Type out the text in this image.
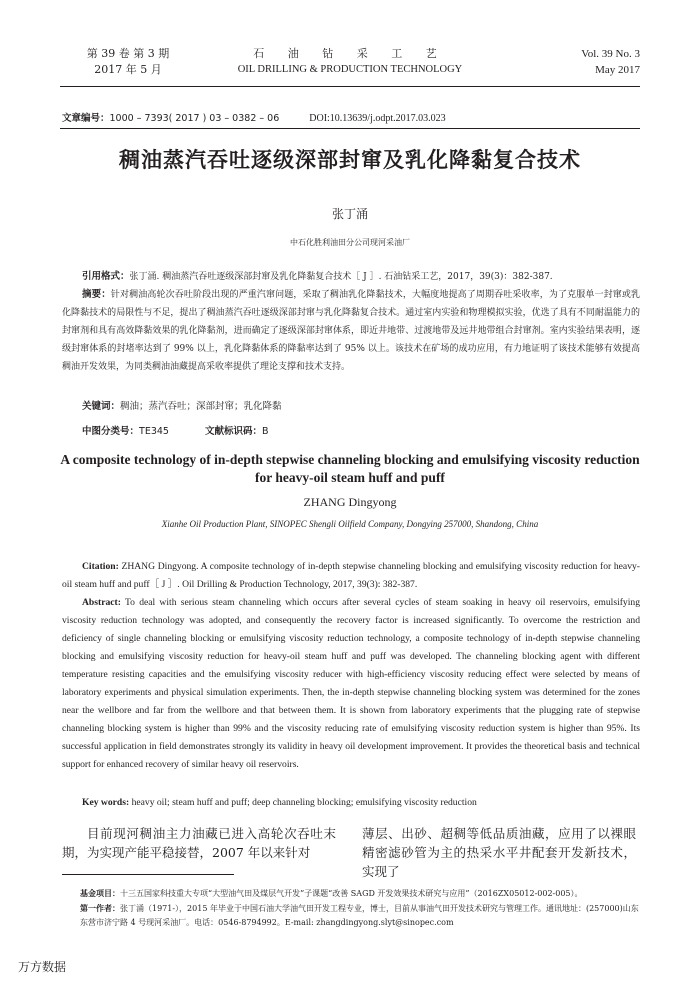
第 39 卷 第 3 期
2017 年 5 月
石 油 钻 采 工 艺
OIL DRILLING & PRODUCTION TECHNOLOGY
Vol. 39 No. 3
May 2017
文章编号：1000 – 7393( 2017 ) 03 – 0382 – 06	DOI:10.13639/j.odpt.2017.03.023
稠油蒸汽吞吐逐级深部封窜及乳化降黏复合技术
张丁涌
中石化胜利油田分公司现河采油厂
引用格式：张丁涌. 稠油蒸汽吞吐逐级深部封窜及乳化降黏复合技术［ J ］. 石油钻采工艺，2017，39(3)：382-387.
摘要：针对稠油高轮次吞吐阶段出现的严重汽窜问题，采取了稠油乳化降黏技术，大幅度地提高了周期吞吐采收率，为了克服单一封窜或乳化降黏技术的局限性与不足，提出了稠油蒸汽吞吐逐级深部封窜与乳化降黏复合技术。通过室内实验和物理模拟实验，优选了具有不同耐温能力的封窜剂和具有高效降黏效果的乳化降黏剂，进而确定了逐级深部封窜体系，即近井地带、过渡地带及远井地带组合封窜剂。室内实验结果表明，逐级封窜体系的封堵率达到了 99% 以上，乳化降黏体系的降黏率达到了 95% 以上。该技术在矿场的成功应用，有力地证明了该技术能够有效提高稠油开发效果，为同类稠油油藏提高采收率提供了理论支撑和技术支持。
关键词：稠油；蒸汽吞吐；深部封窜；乳化降黏
中图分类号：TE345	文献标识码：B
A composite technology of in-depth stepwise channeling blocking and emulsifying viscosity reduction for heavy-oil steam huff and puff
ZHANG Dingyong
Xianhe Oil Production Plant, SINOPEC Shengli Oilfield Company, Dongying 257000, Shandong, China
Citation: ZHANG Dingyong. A composite technology of in-depth stepwise channeling blocking and emulsifying viscosity reduction for heavy-oil steam huff and puff［ J ］. Oil Drilling & Production Technology, 2017, 39(3): 382-387.
Abstract: To deal with serious steam channeling which occurs after several cycles of steam soaking in heavy oil reservoirs, emulsifying viscosity reduction technology was adopted, and consequently the recovery factor is increased significantly. To overcome the restriction and deficiency of single channeling blocking or emulsifying viscosity reduction technology, a composite technology of in-depth stepwise channeling blocking and emulsifying viscosity reduction for heavy-oil steam huff and puff was developed. The channeling blocking agent with different temperature resisting capacities and the emulsifying viscosity reducer with high-efficiency viscosity reducing effect were selected by means of laboratory experiments and physical simulation experiments. Then, the in-depth stepwise channeling blocking system was determined for the zones near the wellbore and far from the wellbore and that between them. It is shown from laboratory experiments that the plugging rate of stepwise channeling blocking system is higher than 99% and the viscosity reducing rate of emulsifying viscosity reduction system is higher than 95%. Its successful application in field demonstrates strongly its validity in heavy oil development improvement. It provides the theoretical basis and technical support for enhanced recovery of similar heavy oil reservoirs.
Key words: heavy oil; steam huff and puff; deep channeling blocking; emulsifying viscosity reduction
目前现河稠油主力油藏已进入高轮次吞吐末期，为实现产能平稳接替，2007 年以来针对
薄层、出砂、超稠等低品质油藏，应用了以裸眼精密滤砂管为主的热采水平井配套开发新技术，实现了
基金项目：十三五国家科技重大专项“大型油气田及煤层气开发”子课题“改善 SAGD 开发效果技术研究与应用”（2016ZX05012-002-005）。
第一作者：张丁涌（1971-），2015 年毕业于中国石油大学油气田开发工程专业，博士，目前从事油气田开发技术研究与管理工作。通讯地址：(257000)山东东营市济宁路 4 号现河采油厂。电话：0546-8794992。E-mail: zhangdingyong.slyt@sinopec.com
万方数据
